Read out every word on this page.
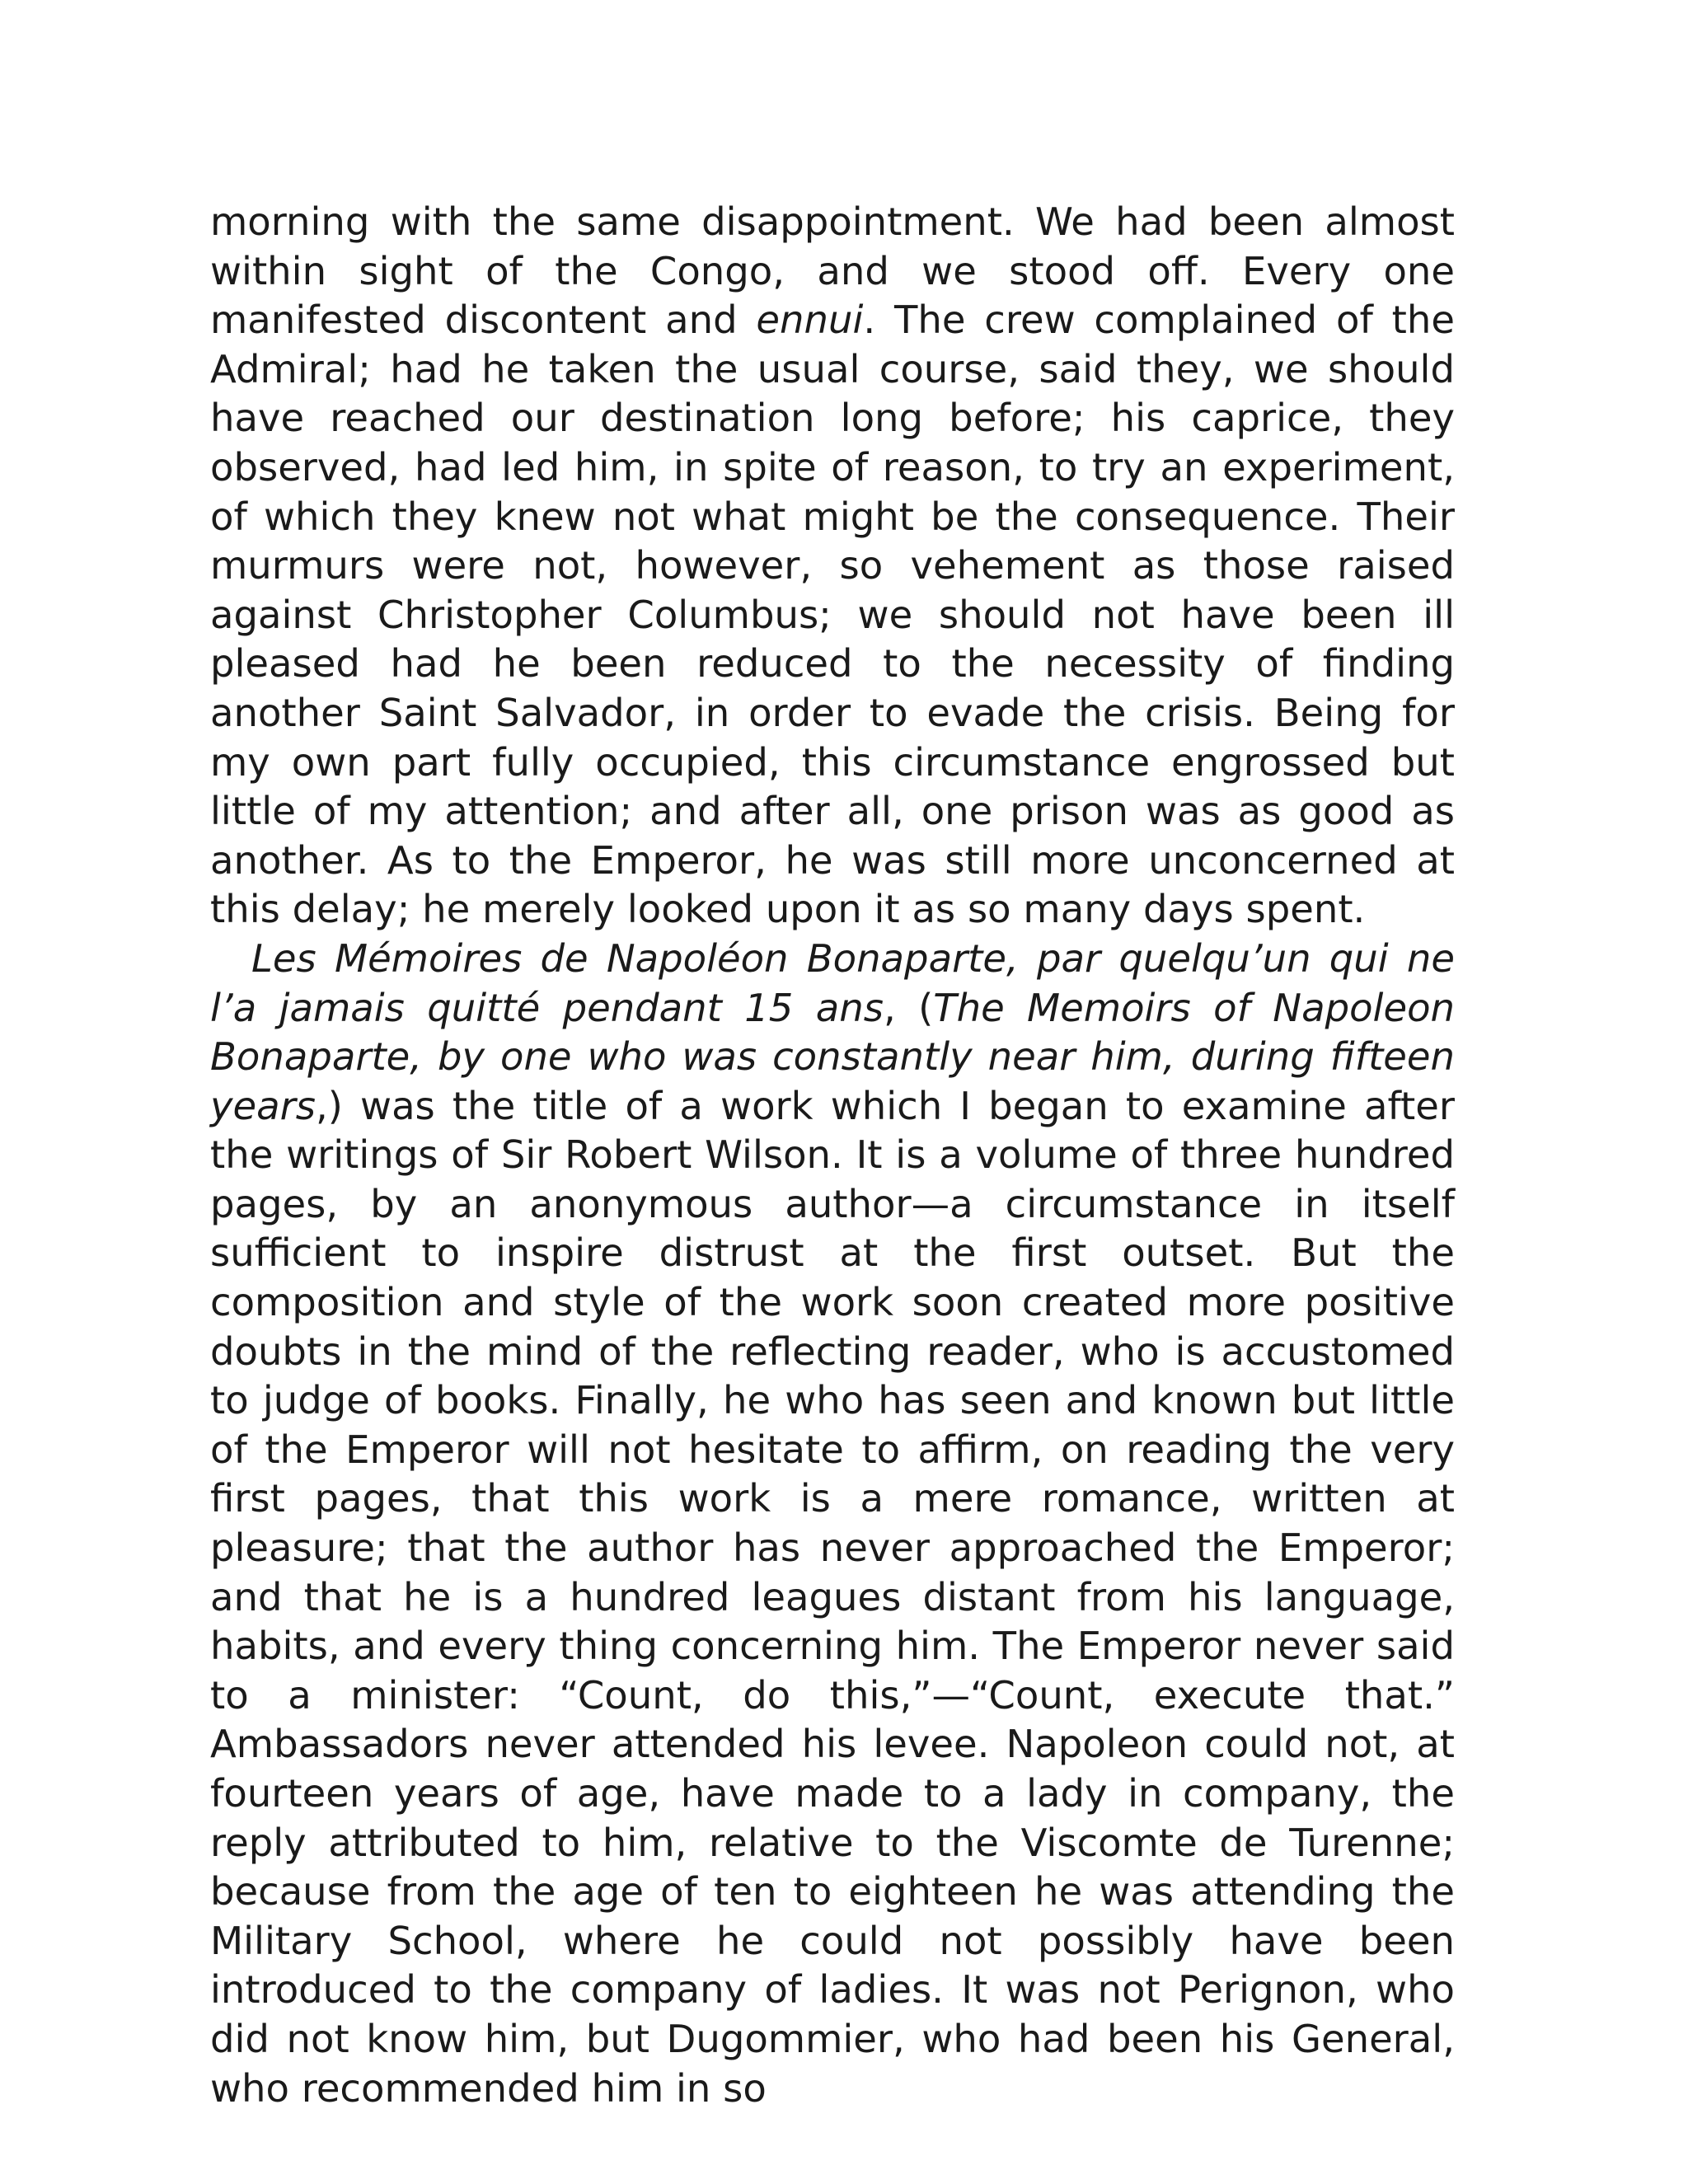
morning with the same disappointment. We had been almost within sight of the Congo, and we stood off. Every one manifested discontent and ennui. The crew complained of the Admiral; had he taken the usual course, said they, we should have reached our destination long before; his caprice, they observed, had led him, in spite of reason, to try an experiment, of which they knew not what might be the consequence. Their murmurs were not, however, so vehement as those raised against Christopher Columbus; we should not have been ill pleased had he been reduced to the necessity of finding another Saint Salvador, in order to evade the crisis. Being for my own part fully occupied, this circumstance engrossed but little of my attention; and after all, one prison was as good as another. As to the Emperor, he was still more unconcerned at this delay; he merely looked upon it as so many days spent.

Les Mémoires de Napoléon Bonaparte, par quelqu’un qui ne l’a jamais quitté pendant 15 ans, (The Memoirs of Napoleon Bonaparte, by one who was constantly near him, during fifteen years,) was the title of a work which I began to examine after the writings of Sir Robert Wilson. It is a volume of three hundred pages, by an anonymous author—a circumstance in itself sufficient to inspire distrust at the first outset. But the composition and style of the work soon created more positive doubts in the mind of the reflecting reader, who is accustomed to judge of books. Finally, he who has seen and known but little of the Emperor will not hesitate to affirm, on reading the very first pages, that this work is a mere romance, written at pleasure; that the author has never approached the Emperor; and that he is a hundred leagues distant from his language, habits, and every thing concerning him. The Emperor never said to a minister: “Count, do this,”—“Count, execute that.” Ambassadors never attended his levee. Napoleon could not, at fourteen years of age, have made to a lady in company, the reply attributed to him, relative to the Viscomte de Turenne; because from the age of ten to eighteen he was attending the Military School, where he could not possibly have been introduced to the company of ladies. It was not Perignon, who did not know him, but Dugommier, who had been his General, who recommended him in so
